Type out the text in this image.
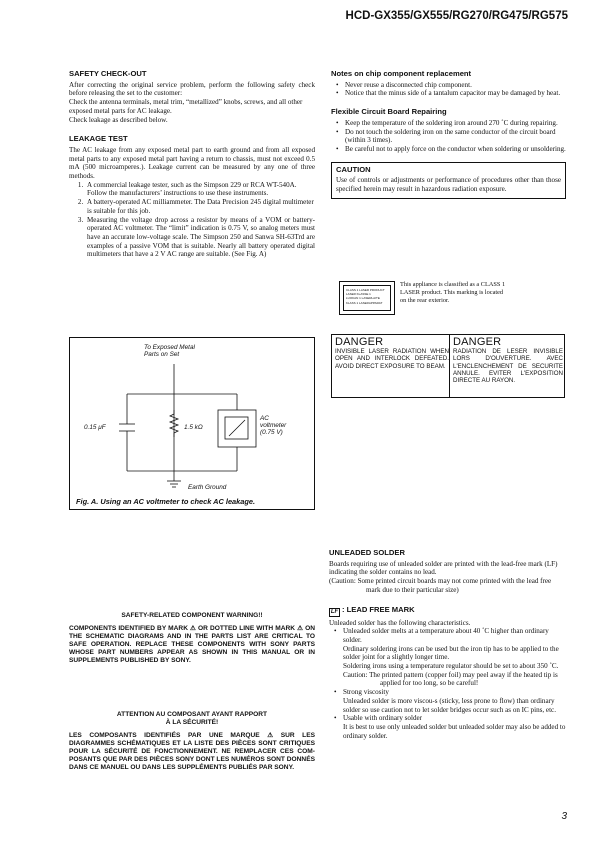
HCD-GX355/GX555/RG270/RG475/RG575
SAFETY CHECK-OUT

After correcting the original service problem, perform the following safety check before releasing the set to the customer:

Check the antenna terminals, metal trim, “metallized” knobs, screws, and all other exposed metal parts for AC leakage.

Check leakage as described below.

LEAKAGE TEST

The AC leakage from any exposed metal part to earth ground and from all exposed metal parts to any exposed metal part having a return to chassis, must not exceed 0.5 mA (500 microamperes.). Leakage current can be measured by any one of three methods.

1. A commercial leakage tester, such as the Simpson 229 or RCA WT-540A. Follow the manufacturers’ instructions to use these instruments.
2. A battery-operated AC milliammeter. The Data Precision 245 digital multimeter is suitable for this job.
3. Measuring the voltage drop across a resistor by means of a VOM or battery-operated AC voltmeter. The “limit” indication is 0.75 V, so analog meters must have an accurate low-voltage scale. The Simpson 250 and Sanwa SH-63Trd are examples of a passive VOM that is suitable. Nearly all battery operated digital multimeters that have a 2 V AC range are suitable. (See Fig. A)
To Exposed Metal
Parts on Set
0.15 μF	1.5 kΩ
AC
voltmeter
(0.75 V)
Earth Ground
Fig. A. Using an AC voltmeter to check AC leakage.
SAFETY-RELATED COMPONENT WARNING!!

COMPONENTS IDENTIFIED BY MARK ⚠ OR DOTTED LINE WITH MARK ⚠ ON THE SCHEMATIC DIAGRAMS AND IN THE PARTS LIST ARE CRITICAL TO SAFE OPERATION. REPLACE THESE COMPONENTS WITH SONY PARTS WHOSE PART NUMBERS APPEAR AS SHOWN IN THIS MANUAL OR IN SUPPLEMENTS PUBLISHED BY SONY.

ATTENTION AU COMPOSANT AYANT RAPPORT
À LA SÉCURITÉ!

LES COMPOSANTS IDENTIFIÉS PAR UNE MARQUE ⚠ SUR LES DIAGRAMMES SCHÉMATIQUES ET LA LISTE DES PIÈCES SONT CRITIQUES POUR LA SÉCURITÉ DE FONCTIONNEMENT. NE REMPLACER CES COM- POSANTS QUE PAR DES PIÈCES SONY DONT LES NUMÉROS SONT DONNÉS DANS CE MANUEL OU DANS LES SUPPLÉMENTS PUBLIÉS PAR SONY.

Notes on chip component replacement
• Never reuse a disconnected chip component.
• Notice that the minus side of a tantalum capacitor may be damaged by heat.
Flexible Circuit Board Repairing
• Keep the temperature of the soldering iron around 270 ˚C during repairing.
• Do not touch the soldering iron on the same conductor of the circuit board (within 3 times).
• Be careful not to apply force on the conductor when soldering or unsoldering.
CAUTION

Use of controls or adjustments or performance of procedures other than those specified herein may result in hazardous radiation exposure.

CLASS 1 LASER PRODUCT
LASER KLASSE 1
LUOKAN 1 LASERLAITE
KLASS 1 LASERAPPARAT
This appliance is classified as a CLASS 1 LASER product. This marking is located on the rear exterior.
DANGER
INVISIBLE LASER RADIATION WHEN OPEN AND INTERLOCK DEFEATED. AVOID DIRECT EXPOSURE TO BEAM.
DANGER
RADIATION DE LESER INVISIBLE LORS D'OUVERTURE. AVEC L'ENCLENCHEMENT DE SECURITE ANNULE. EVITER L'EXPOSITION DIRECTE AU RAYON.
UNLEADED SOLDER

Boards requiring use of unleaded solder are printed with the lead-free mark (LF) indicating the solder contains no lead.

(Caution: Some printed circuit boards may not come printed with the lead free mark due to their particular size)

LF : LEAD FREE MARK

Unleaded solder has the following characteristics.

• Unleaded solder melts at a temperature about 40 ˚C higher than ordinary solder.
Ordinary soldering irons can be used but the iron tip has to be applied to the solder joint for a slightly longer time.
Soldering irons using a temperature regulator should be set to about 350 ˚C.
Caution: The printed pattern (copper foil) may peel away if the heated tip is applied for too long, so be careful!
• Strong viscosity
Unleaded solder is more viscou-s (sticky, less prone to flow) than ordinary solder so use caution not to let solder bridges occur such as on IC pins, etc.
• Usable with ordinary solder
It is best to use only unleaded solder but unleaded solder may also be added to ordinary solder.
3
